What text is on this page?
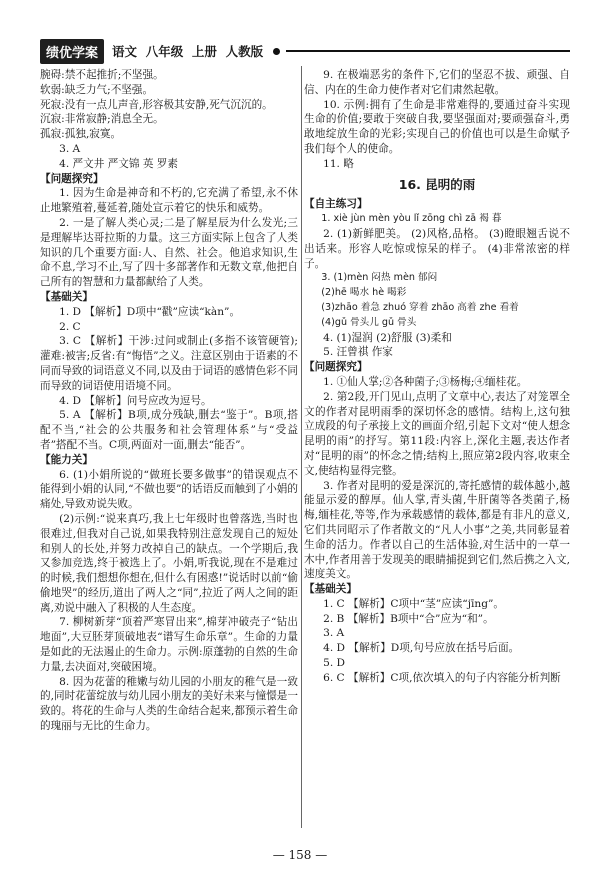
绩优学案	语文  八年级  上册  人教版

腕碍:禁不起推折;不坚强。

软弱:缺乏力气;不坚强。

死寂:没有一点儿声音,形容极其安静,死气沉沉的。

沉寂:非常寂静;消息全无。

孤寂:孤独,寂寞。

3. A

4. 严文井 严文锦 英 罗素

【问题探究】

1. 因为生命是神奇和不朽的,它充满了希望,永不休止地繁殖着,蔓延着,随处宣示着它的快乐和威势。

2. 一是了解人类心灵;二是了解星辰为什么发光;三是理解毕达哥拉斯的力量。这三方面实际上包含了人类知识的几个重要方面:人、自然、社会。他追求知识,生命不息,学习不止,写了四十多部著作和无数文章,他把自己所有的智慧和力量都献给了人类。

【基础关】

1. D 【解析】D项中“戳”应读“kàn”。

2. C

3. C 【解析】干涉:过问或制止(多指不该管硬管);灌难:被害;反省:有“悔悟”之义。注意区别由于语素的不同而导致的词语意义不同,以及由于词语的感情色彩不同而导致的词语使用语境不同。

4. D 【解析】问号应改为逗号。

5. A 【解析】B项,成分残缺,删去“鉴于”。B项,搭配不当,“社会的公共服务和社会管理体系”与“受益者”搭配不当。C项,两面对一面,删去“能否”。

【能力关】

6. (1)小娟所说的“做班长要多做事”的错误观点不能得到小娟的认同,“不做也要”的话语反而触到了小娟的痛处,导致劝说失败。

(2)示例:“说来真巧,我上七年级时也曾落选,当时也很难过,但我对自己说,如果我特别注意发现自己的短处和别人的长处,并努力改掉自己的缺点。一个学期后,我又参加竞选,终于被选上了。小娟,听我说,现在不是难过的时候,我们想想你想在,但什么有困惑!”说话时以前“偷偷地哭”的经历,道出了两人之“同”,拉近了两人之间的距离,劝说中融入了积极的人生态度。

7. 柳树新芽“顶着严寒冒出来”,棉芽冲破壳子“钻出地面”,大豆胚芽顶破地表“谱写生命乐章”。生命的力量是如此的无法遏止的生命力。示例:原蓬勃的自然的生命力量,去决面对,突破困境。

8. 因为花蕾的稚嫩与幼儿园的小朋友的稚气是一致的,同时花蕾绽放与幼儿园小朋友的美好未来与憧憬是一致的。将花的生命与人类的生命结合起来,都预示着生命的瑰丽与无比的生命力。

9. 在极端恶劣的条件下,它们的坚忍不拔、顽强、自信、内在的生命力使作者对它们肃然起敬。

10. 示例:拥有了生命是非常难得的,要通过奋斗实现生命的价值;要敢于突破自我,要坚强面对;要顽强奋斗,勇敢地绽放生命的光彩;实现自己的价值也可以是生命赋予我们每个人的使命。

11. 略

16. 昆明的雨

【自主练习】

1. xiè jùn mèn yòu lǐ zōng chì zā 褐 暮

2. (1)新鲜肥美。 (2)风格,品格。 (3)瞪眼翘舌说不出话来。形容人吃惊或惊呆的样子。 (4)非常浓密的样子。

3. (1)mèn 闷热 mèn 郁闷

(2)hē 喝水 hè 喝彩

(3)zhāo 着急 zhuó 穿着 zhāo 高着 zhe 看着

(4)gǔ 骨头儿 gǔ 骨头

4. (1)湿润 (2)舒服 (3)柔和

5. 汪曾祺 作家

【问题探究】

1. ①仙人掌;②各种菌子;③杨梅;④缅桂花。

2. 第2段,开门见山,点明了文章中心,表达了对笼罩全文的作者对昆明雨季的深切怀念的感情。结构上,这句独立成段的句子承接上文的画面介绍,引起下文对“使人想念昆明的雨”的抒写。第11段:内容上,深化主题,表达作者对“昆明的雨”的怀念之情;结构上,照应第2段内容,收束全文,使结构显得完整。

3. 作者对昆明的爱是深沉的,寄托感情的载体越小,越能显示爱的醇厚。仙人掌,青头菌,牛肝菌等各类菌子,杨梅,缅桂花,等等,作为承载感情的载体,都是有非凡的意义,它们共同昭示了作者散文的“凡人小事”之美,共同彰显着生命的活力。作者以自己的生活体验,对生活中的一草一木中,作者用善于发现美的眼睛捕捉到它们,然后携之入文,速度美文。

【基础关】

1. C 【解析】C项中“茎”应读“jīng”。

2. B 【解析】B项中“合”应为“和”。

3. A

4. D 【解析】D项,句号应放在括号后面。

5. D

6. C 【解析】C项,依次填入的句子内容能分析判断

— 158 —
